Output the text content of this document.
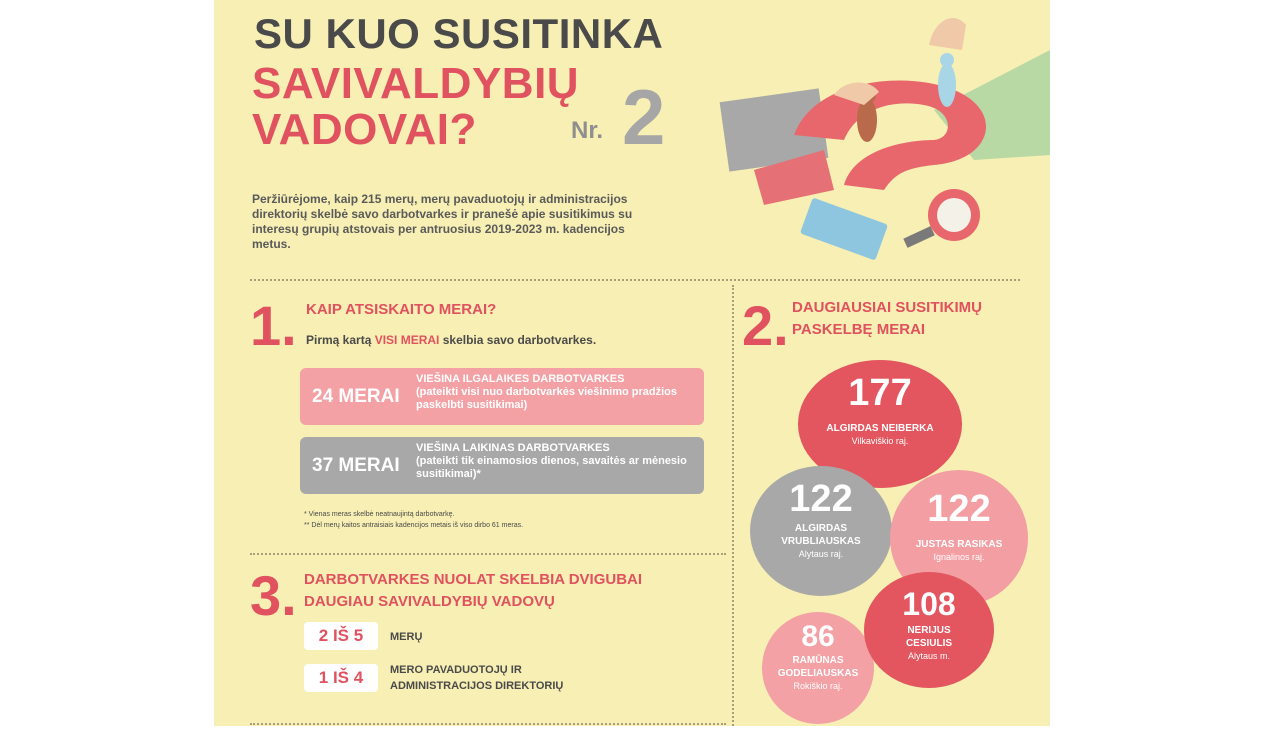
SU KUO SUSITINKA
SAVIVALDYBIŲ
VADOVAI?	Nr. 2
Peržiūrėjome, kaip 215 merų, merų pavaduotojų ir administracijos direktorių skelbė savo darbotvarkes ir pranešė apie susitikimus su interesų grupių atstovais per antruosius 2019-2023 m. kadencijos metus.
1. KAIP ATSISKAITO MERAI?
Pirmą kartą VISI MERAI skelbia savo darbotvarkes.
24 MERAI
VIEŠINA ILGALAIKES DARBOTVARKES
(pateikti visi nuo darbotvarkės viešinimo pradžios paskelbti susitikimai)
37 MERAI
VIEŠINA LAIKINAS DARBOTVARKES
(pateikti tik einamosios dienos, savaitės ar mėnesio susitikimai)*
* Vienas meras skelbė neatnaujintą darbotvarkę.
** Dėl merų kaitos antraisiais kadencijos metais iš viso dirbo 61 meras.
2. DAUGIAUSIAI SUSITIKIMŲ
PASKELBĘ MERAI
177
ALGIRDAS NEIBERKA
Vilkaviškio raj.
122
ALGIRDAS VRUBLIAUSKAS
Alytaus raj.
122
JUSTAS RASIKAS
Ignalinos raj.
86
RAMŪNAS GODELIAUSKAS
Rokiškio raj.
108
NERIJUS CESIULIS
Alytaus m.
3. DARBOTVARKES NUOLAT SKELBIA DVIGUBAI
DAUGIAU SAVIVALDYBIŲ VADOVŲ
2 IŠ 5	MERŲ
1 IŠ 4	MERO PAVADUOTOJŲ IR ADMINISTRACIJOS DIREKTORIŲ
